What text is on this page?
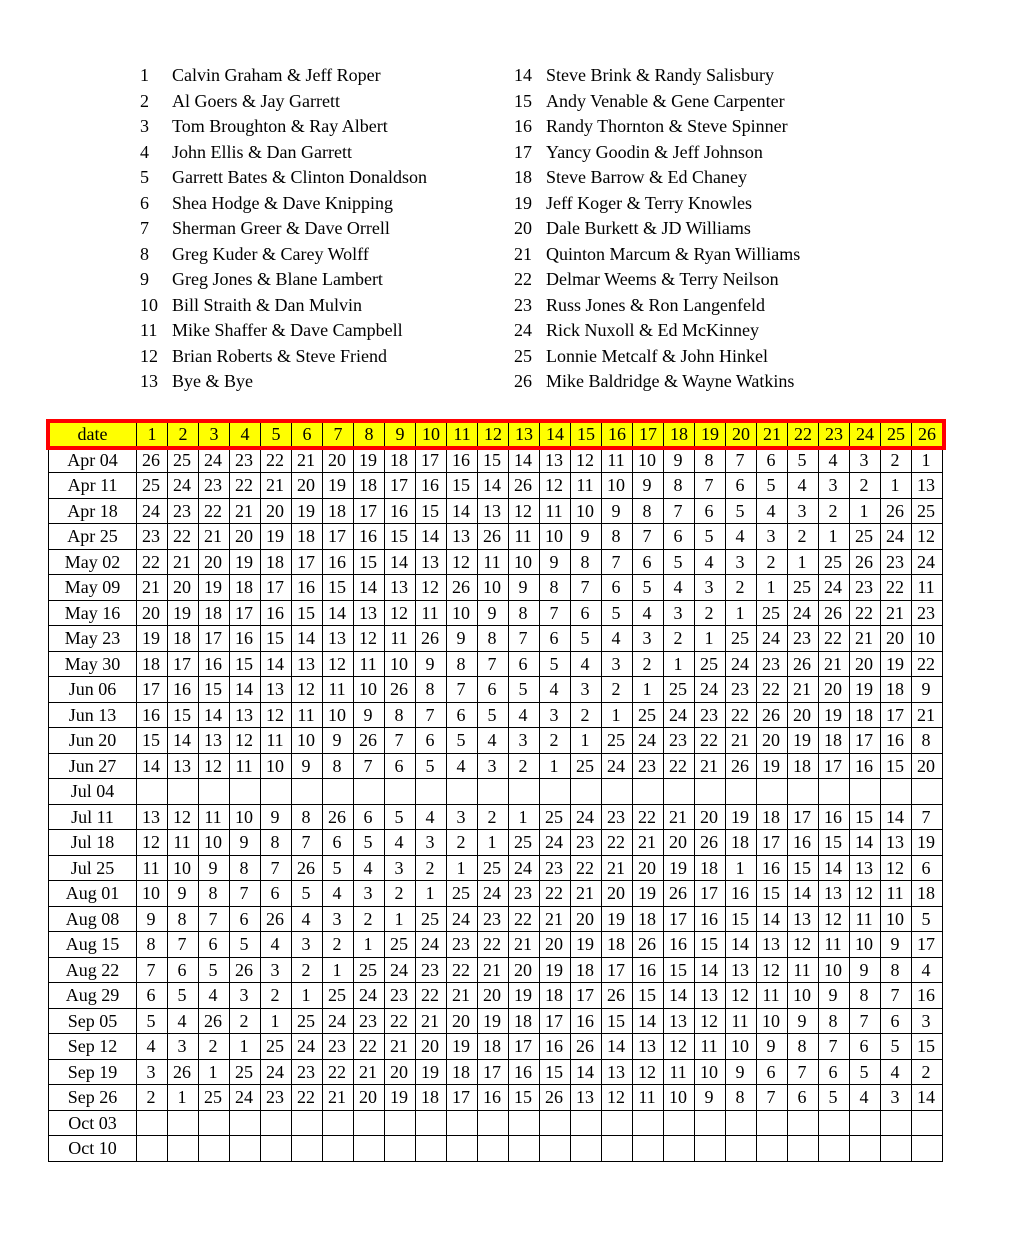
1	Calvin Graham & Jeff Roper
2	Al Goers & Jay Garrett
3	Tom Broughton & Ray Albert
4	John Ellis & Dan Garrett
5	Garrett Bates & Clinton Donaldson
6	Shea Hodge & Dave Knipping
7	Sherman Greer & Dave Orrell
8	Greg Kuder & Carey Wolff
9	Greg Jones & Blane Lambert
10 Bill Straith & Dan Mulvin
11 Mike Shaffer & Dave Campbell
12 Brian Roberts & Steve Friend
13 Bye & Bye
14 Steve Brink & Randy Salisbury
15 Andy Venable & Gene Carpenter
16 Randy Thornton & Steve Spinner
17 Yancy Goodin & Jeff Johnson
18 Steve Barrow & Ed Chaney
19 Jeff Koger & Terry Knowles
20 Dale Burkett & JD Williams
21 Quinton Marcum & Ryan Williams
22 Delmar Weems & Terry Neilson
23 Russ Jones & Ron Langenfeld
24 Rick Nuxoll & Ed McKinney
25 Lonnie Metcalf & John Hinkel
26 Mike Baldridge & Wayne Watkins
date	1	2	3	4	5	6	7	8	9	10	11	12	13	14	15	16	17	18	19	20	21	22	23	24	25	26
Apr 04	26	25	24	23	22	21	20	19	18	17	16	15	14	13	12	11	10	9	8	7	6	5	4	3	2	1
Apr 11	25	24	23	22	21	20	19	18	17	16	15	14	26	12	11	10	9	8	7	6	5	4	3	2	1	13
Apr 18	24	23	22	21	20	19	18	17	16	15	14	13	12	11	10	9	8	7	6	5	4	3	2	1	26	25
Apr 25	23	22	21	20	19	18	17	16	15	14	13	26	11	10	9	8	7	6	5	4	3	2	1	25	24	12
May 02	22	21	20	19	18	17	16	15	14	13	12	11	10	9	8	7	6	5	4	3	2	1	25	26	23	24
May 09	21	20	19	18	17	16	15	14	13	12	26	10	9	8	7	6	5	4	3	2	1	25	24	23	22	11
May 16	20	19	18	17	16	15	14	13	12	11	10	9	8	7	6	5	4	3	2	1	25	24	26	22	21	23
May 23	19	18	17	16	15	14	13	12	11	26	9	8	7	6	5	4	3	2	1	25	24	23	22	21	20	10
May 30	18	17	16	15	14	13	12	11	10	9	8	7	6	5	4	3	2	1	25	24	23	26	21	20	19	22
Jun 06	17	16	15	14	13	12	11	10	26	8	7	6	5	4	3	2	1	25	24	23	22	21	20	19	18	9
Jun 13	16	15	14	13	12	11	10	9	8	7	6	5	4	3	2	1	25	24	23	22	26	20	19	18	17	21
Jun 20	15	14	13	12	11	10	9	26	7	6	5	4	3	2	1	25	24	23	22	21	20	19	18	17	16	8
Jun 27	14	13	12	11	10	9	8	7	6	5	4	3	2	1	25	24	23	22	21	26	19	18	17	16	15	20
Jul 04																										
Jul 11	13	12	11	10	9	8	26	6	5	4	3	2	1	25	24	23	22	21	20	19	18	17	16	15	14	7
Jul 18	12	11	10	9	8	7	6	5	4	3	2	1	25	24	23	22	21	20	26	18	17	16	15	14	13	19
Jul 25	11	10	9	8	7	26	5	4	3	2	1	25	24	23	22	21	20	19	18	1	16	15	14	13	12	6
Aug 01	10	9	8	7	6	5	4	3	2	1	25	24	23	22	21	20	19	26	17	16	15	14	13	12	11	18
Aug 08	9	8	7	6	26	4	3	2	1	25	24	23	22	21	20	19	18	17	16	15	14	13	12	11	10	5
Aug 15	8	7	6	5	4	3	2	1	25	24	23	22	21	20	19	18	26	16	15	14	13	12	11	10	9	17
Aug 22	7	6	5	26	3	2	1	25	24	23	22	21	20	19	18	17	16	15	14	13	12	11	10	9	8	4
Aug 29	6	5	4	3	2	1	25	24	23	22	21	20	19	18	17	26	15	14	13	12	11	10	9	8	7	16
Sep 05	5	4	26	2	1	25	24	23	22	21	20	19	18	17	16	15	14	13	12	11	10	9	8	7	6	3
Sep 12	4	3	2	1	25	24	23	22	21	20	19	18	17	16	26	14	13	12	11	10	9	8	7	6	5	15
Sep 19	3	26	1	25	24	23	22	21	20	19	18	17	16	15	14	13	12	11	10	9	6	7	6	5	4	2
Sep 26	2	1	25	24	23	22	21	20	19	18	17	16	15	26	13	12	11	10	9	8	7	6	5	4	3	14
Oct 03																										
Oct 10																										
